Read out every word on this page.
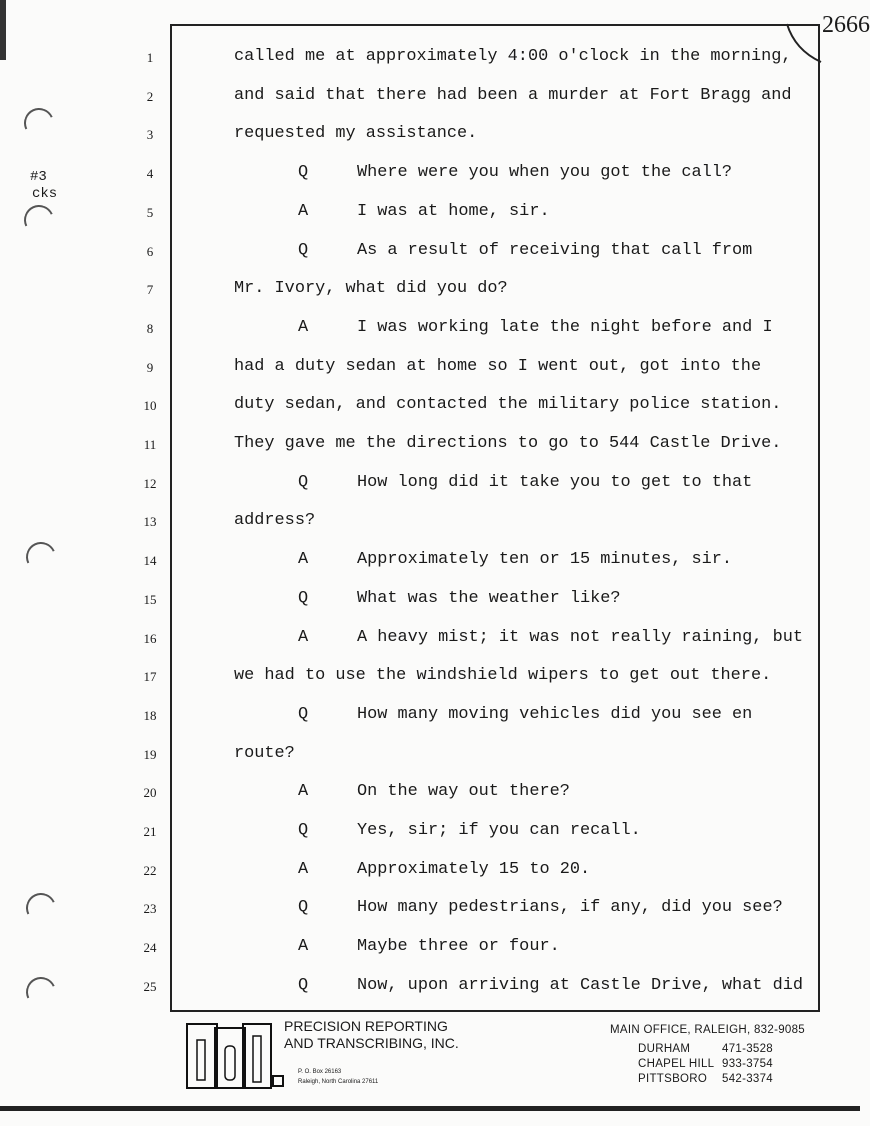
2666
#3
cks
1	called me at approximately 4:00 o'clock in the morning,
2	and said that there had been a murder at Fort Bragg and
3	requested my assistance.
4	Q	Where were you when you got the call?
5	A	I was at home, sir.
6	Q	As a result of receiving that call from
7	Mr. Ivory, what did you do?
8	A	I was working late the night before and I
9	had a duty sedan at home so I went out, got into the
10	duty sedan, and contacted the military police station.
11	They gave me the directions to go to 544 Castle Drive.
12	Q	How long did it take you to get to that
13	address?
14	A	Approximately ten or 15 minutes, sir.
15	Q	What was the weather like?
16	A	A heavy mist; it was not really raining, but
17	we had to use the windshield wipers to get out there.
18	Q	How many moving vehicles did you see en
19	route?
20	A	On the way out there?
21	Q	Yes, sir; if you can recall.
22	A	Approximately 15 to 20.
23	Q	How many pedestrians, if any, did you see?
24	A	Maybe three or four.
25	Q	Now, upon arriving at Castle Drive, what did
PRECISION REPORTING
AND TRANSCRIBING, INC.
P. O. Box 26163
Raleigh, North Carolina 27611
MAIN OFFICE, RALEIGH, 832-9085
DURHAM	471-3528
CHAPEL HILL 933-3754
PITTSBORO 542-3374
